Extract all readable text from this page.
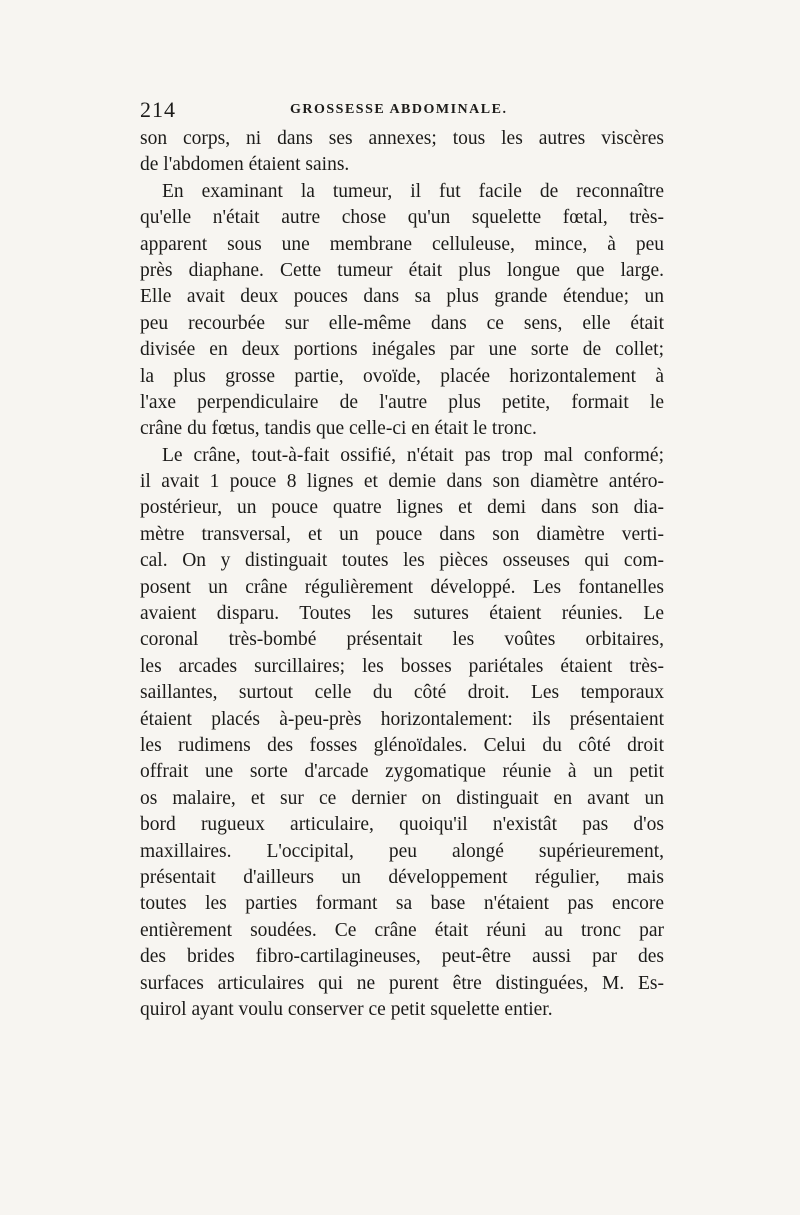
214	GROSSESSE ABDOMINALE.
son corps, ni dans ses annexes; tous les autres viscères
de l'abdomen étaient sains.
En examinant la tumeur, il fut facile de reconnaître
qu'elle n'était autre chose qu'un squelette fœtal, très-
apparent sous une membrane celluleuse, mince, à peu
près diaphane. Cette tumeur était plus longue que large.
Elle avait deux pouces dans sa plus grande étendue; un
peu recourbée sur elle-même dans ce sens, elle était
divisée en deux portions inégales par une sorte de collet;
la plus grosse partie, ovoïde, placée horizontalement à
l'axe perpendiculaire de l'autre plus petite, formait le
crâne du fœtus, tandis que celle-ci en était le tronc.
Le crâne, tout-à-fait ossifié, n'était pas trop mal conformé;
il avait 1 pouce 8 lignes et demie dans son diamètre antéro-
postérieur, un pouce quatre lignes et demi dans son dia-
mètre transversal, et un pouce dans son diamètre verti-
cal. On y distinguait toutes les pièces osseuses qui com-
posent un crâne régulièrement développé. Les fontanelles
avaient disparu. Toutes les sutures étaient réunies. Le
coronal très-bombé présentait les voûtes orbitaires,
les arcades surcillaires; les bosses pariétales étaient très-
saillantes, surtout celle du côté droit. Les temporaux
étaient placés à-peu-près horizontalement: ils présentaient
les rudimens des fosses glénoïdales. Celui du côté droit
offrait une sorte d'arcade zygomatique réunie à un petit
os malaire, et sur ce dernier on distinguait en avant un
bord rugueux articulaire, quoiqu'il n'existât pas d'os
maxillaires. L'occipital, peu alongé supérieurement,
présentait d'ailleurs un développement régulier, mais
toutes les parties formant sa base n'étaient pas encore
entièrement soudées. Ce crâne était réuni au tronc par
des brides fibro-cartilagineuses, peut-être aussi par des
surfaces articulaires qui ne purent être distinguées, M. Es-
quirol ayant voulu conserver ce petit squelette entier.
